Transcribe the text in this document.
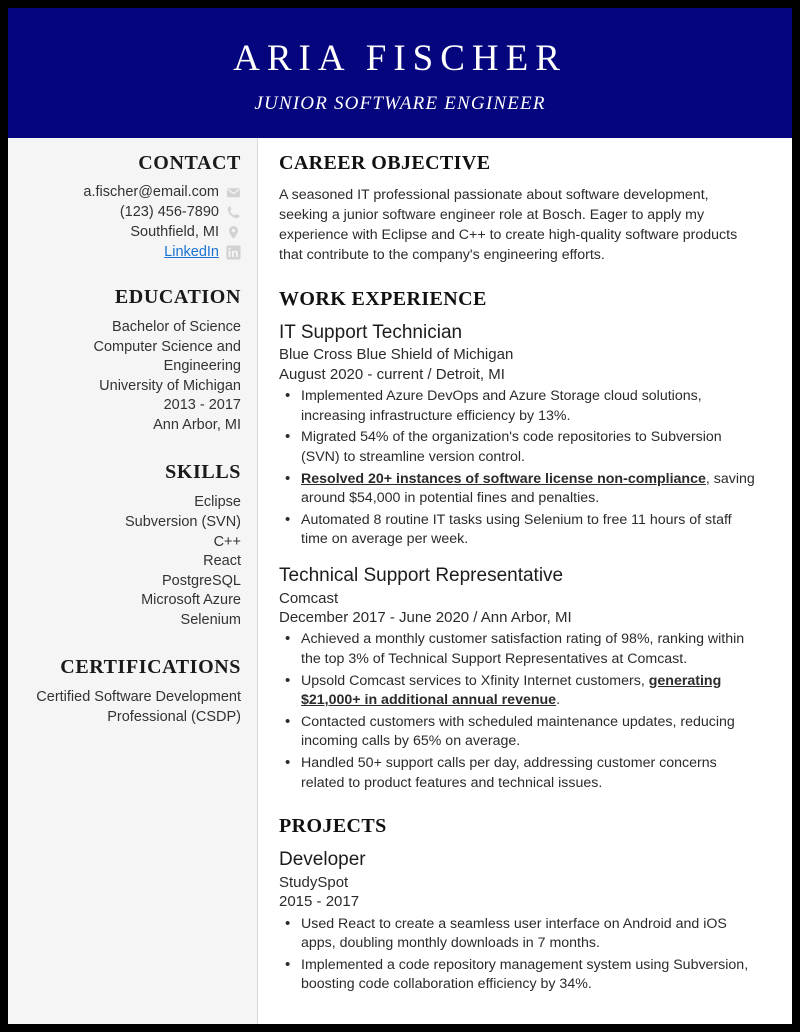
ARIA FISCHER
JUNIOR SOFTWARE ENGINEER
CONTACT
a.fischer@email.com
(123) 456-7890
Southfield, MI
LinkedIn
EDUCATION
Bachelor of Science
Computer Science and Engineering
University of Michigan
2013 - 2017
Ann Arbor, MI
SKILLS
Eclipse
Subversion (SVN)
C++
React
PostgreSQL
Microsoft Azure
Selenium
CERTIFICATIONS
Certified Software Development Professional (CSDP)
CAREER OBJECTIVE
A seasoned IT professional passionate about software development, seeking a junior software engineer role at Bosch. Eager to apply my experience with Eclipse and C++ to create high-quality software products that contribute to the company's engineering efforts.
WORK EXPERIENCE
IT Support Technician
Blue Cross Blue Shield of Michigan
August 2020 - current / Detroit, MI
• Implemented Azure DevOps and Azure Storage cloud solutions, increasing infrastructure efficiency by 13%.
• Migrated 54% of the organization's code repositories to Subversion (SVN) to streamline version control.
• Resolved 20+ instances of software license non-compliance, saving around $54,000 in potential fines and penalties.
• Automated 8 routine IT tasks using Selenium to free 11 hours of staff time on average per week.
Technical Support Representative
Comcast
December 2017 - June 2020 / Ann Arbor, MI
• Achieved a monthly customer satisfaction rating of 98%, ranking within the top 3% of Technical Support Representatives at Comcast.
• Upsold Comcast services to Xfinity Internet customers, generating $21,000+ in additional annual revenue.
• Contacted customers with scheduled maintenance updates, reducing incoming calls by 65% on average.
• Handled 50+ support calls per day, addressing customer concerns related to product features and technical issues.
PROJECTS
Developer
StudySpot
2015 - 2017
• Used React to create a seamless user interface on Android and iOS apps, doubling monthly downloads in 7 months.
• Implemented a code repository management system using Subversion, boosting code collaboration efficiency by 34%.
